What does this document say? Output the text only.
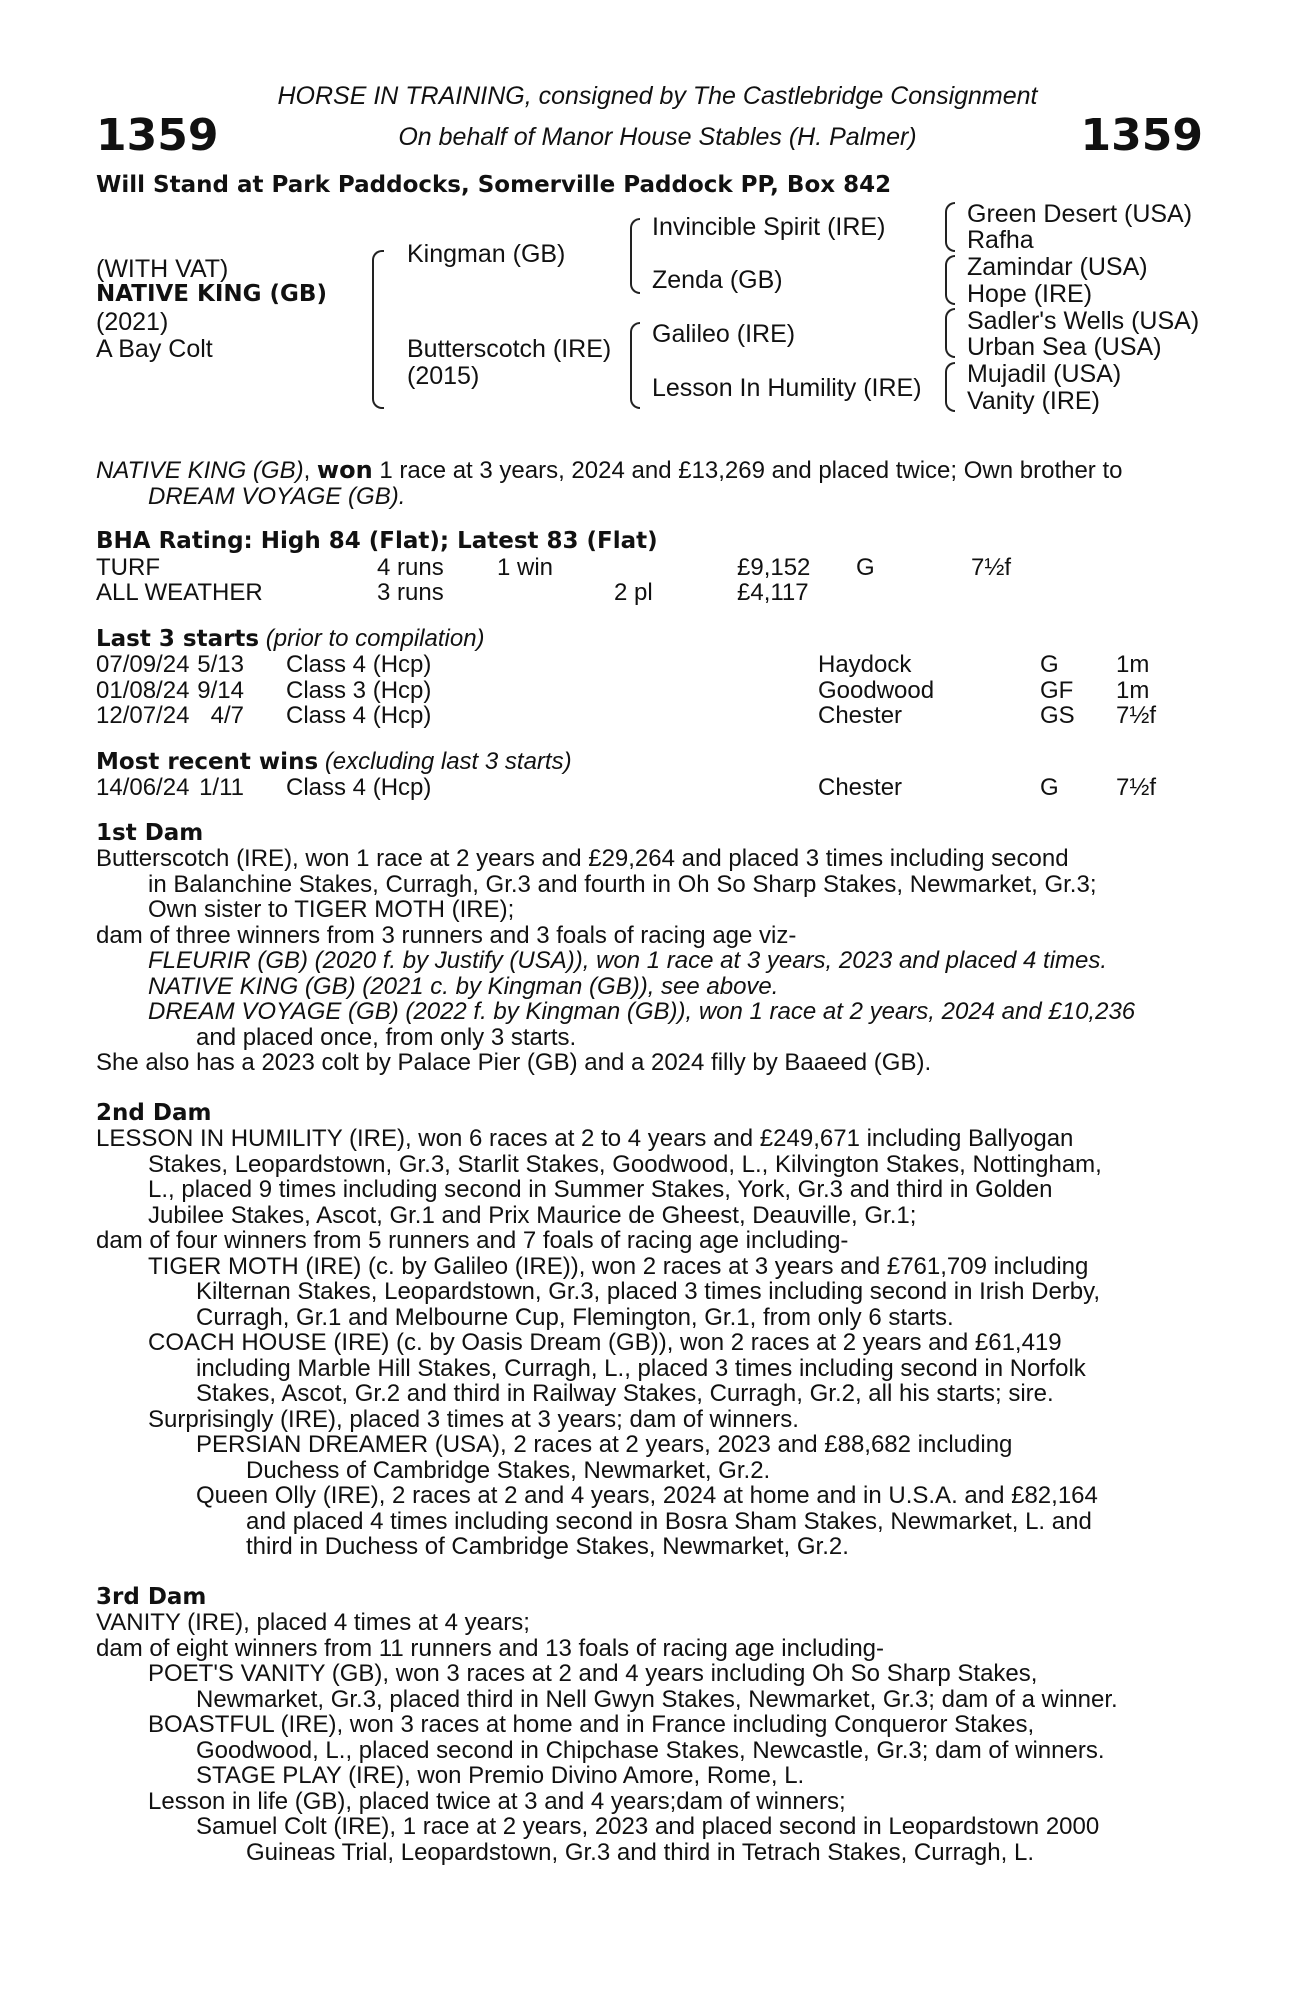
1359	1359
HORSE IN TRAINING, consigned by The Castlebridge Consignment
On behalf of Manor House Stables (H. Palmer)
Will Stand at Park Paddocks, Somerville Paddock PP, Box 842
(WITH VAT)
NATIVE KING (GB)
(2021)
A Bay Colt
Kingman (GB)
Butterscotch (IRE)
(2015)
Invincible Spirit (IRE)
Zenda (GB)
Galileo (IRE)
Lesson In Humility (IRE)
Green Desert (USA)
Rafha
Zamindar (USA)
Hope (IRE)
Sadler's Wells (USA)
Urban Sea (USA)
Mujadil (USA)
Vanity (IRE)

NATIVE KING (GB), won 1 race at 3 years, 2024 and £13,269 and placed twice; Own brother to

DREAM VOYAGE (GB).

BHA Rating: High 84 (Flat); Latest 83 (Flat)

TURF	4 runs 1 win	£9,152 G	7½f
ALL WEATHER	3 runs	2 pl	£4,117

Last 3 starts (prior to compilation)

07/09/24 5/13 Class 4 (Hcp)	Haydock	G 1m
01/08/24 9/14 Class 3 (Hcp)	Goodwood	GF 1m
12/07/24 4/7 Class 4 (Hcp)	Chester	GS 7½f

Most recent wins (excluding last 3 starts)

14/06/24 1/11 Class 4 (Hcp)	Chester	G 7½f

1st Dam

Butterscotch (IRE), won 1 race at 2 years and £29,264 and placed 3 times including second

in Balanchine Stakes, Curragh, Gr.3 and fourth in Oh So Sharp Stakes, Newmarket, Gr.3;

Own sister to TIGER MOTH (IRE);

dam of three winners from 3 runners and 3 foals of racing age viz-

FLEURIR (GB) (2020 f. by Justify (USA)), won 1 race at 3 years, 2023 and placed 4 times.

NATIVE KING (GB) (2021 c. by Kingman (GB)), see above.

DREAM VOYAGE (GB) (2022 f. by Kingman (GB)), won 1 race at 2 years, 2024 and £10,236

and placed once, from only 3 starts.

She also has a 2023 colt by Palace Pier (GB) and a 2024 filly by Baaeed (GB).

2nd Dam

LESSON IN HUMILITY (IRE), won 6 races at 2 to 4 years and £249,671 including Ballyogan

Stakes, Leopardstown, Gr.3, Starlit Stakes, Goodwood, L., Kilvington Stakes, Nottingham,

L., placed 9 times including second in Summer Stakes, York, Gr.3 and third in Golden

Jubilee Stakes, Ascot, Gr.1 and Prix Maurice de Gheest, Deauville, Gr.1;

dam of four winners from 5 runners and 7 foals of racing age including-

TIGER MOTH (IRE) (c. by Galileo (IRE)), won 2 races at 3 years and £761,709 including

Kilternan Stakes, Leopardstown, Gr.3, placed 3 times including second in Irish Derby,

Curragh, Gr.1 and Melbourne Cup, Flemington, Gr.1, from only 6 starts.

COACH HOUSE (IRE) (c. by Oasis Dream (GB)), won 2 races at 2 years and £61,419

including Marble Hill Stakes, Curragh, L., placed 3 times including second in Norfolk

Stakes, Ascot, Gr.2 and third in Railway Stakes, Curragh, Gr.2, all his starts; sire.

Surprisingly (IRE), placed 3 times at 3 years; dam of winners.

PERSIAN DREAMER (USA), 2 races at 2 years, 2023 and £88,682 including

Duchess of Cambridge Stakes, Newmarket, Gr.2.

Queen Olly (IRE), 2 races at 2 and 4 years, 2024 at home and in U.S.A. and £82,164

and placed 4 times including second in Bosra Sham Stakes, Newmarket, L. and

third in Duchess of Cambridge Stakes, Newmarket, Gr.2.

3rd Dam

VANITY (IRE), placed 4 times at 4 years;

dam of eight winners from 11 runners and 13 foals of racing age including-

POET'S VANITY (GB), won 3 races at 2 and 4 years including Oh So Sharp Stakes,

Newmarket, Gr.3, placed third in Nell Gwyn Stakes, Newmarket, Gr.3; dam of a winner.

BOASTFUL (IRE), won 3 races at home and in France including Conqueror Stakes,

Goodwood, L., placed second in Chipchase Stakes, Newcastle, Gr.3; dam of winners.

STAGE PLAY (IRE), won Premio Divino Amore, Rome, L.

Lesson in life (GB), placed twice at 3 and 4 years;dam of winners;

Samuel Colt (IRE), 1 race at 2 years, 2023 and placed second in Leopardstown 2000

Guineas Trial, Leopardstown, Gr.3 and third in Tetrach Stakes, Curragh, L.
